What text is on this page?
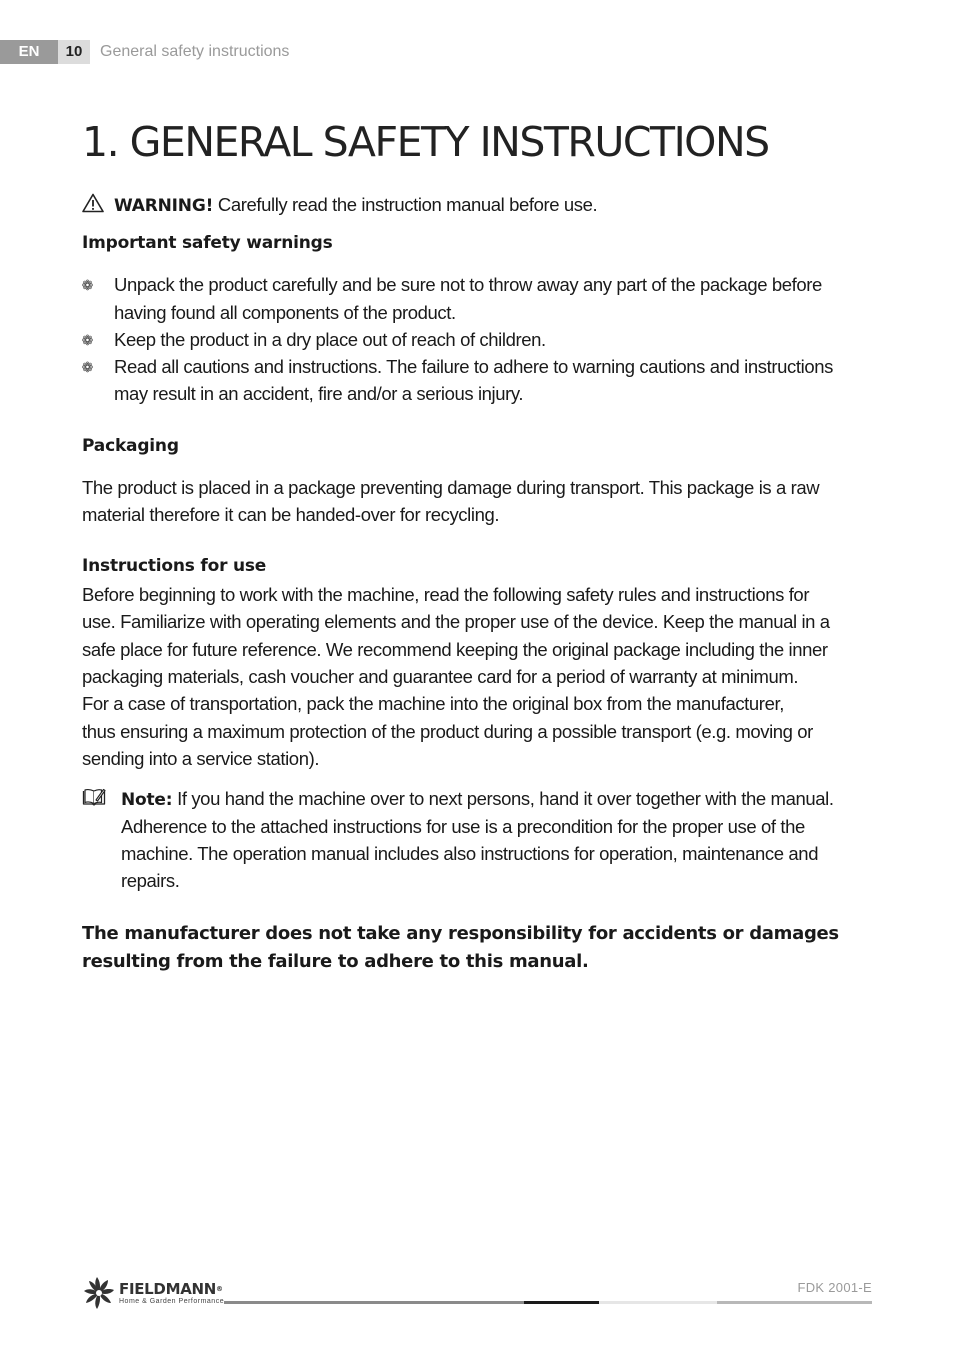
EN	10	General safety instructions
1. GENERAL SAFETY INSTRUCTIONS
WARNING! Carefully read the instruction manual before use.
Important safety warnings
❁ Unpack the product carefully and be sure not to throw away any part of the package before
having found all components of the product.
❁ Keep the product in a dry place out of reach of children.
❁ Read all cautions and instructions. The failure to adhere to warning cautions and instructions
may result in an accident, fire and/or a serious injury.
Packaging
The product is placed in a package preventing damage during transport. This package is a raw
material therefore it can be handed-over for recycling.
Instructions for use
Before beginning to work with the machine, read the following safety rules and instructions for
use. Familiarize with operating elements and the proper use of the device. Keep the manual in a
safe place for future reference. We recommend keeping the original package including the inner
packaging materials, cash voucher and guarantee card for a period of warranty at minimum.
For a case of transportation, pack the machine into the original box from the manufacturer,
thus ensuring a maximum protection of the product during a possible transport (e.g. moving or
sending into a service station).
Note: If you hand the machine over to next persons, hand it over together with the manual.
Adherence to the attached instructions for use is a precondition for the proper use of the
machine. The operation manual includes also instructions for operation, maintenance and
repairs.
The manufacturer does not take any responsibility for accidents or damages
resulting from the failure to adhere to this manual.
FIELDMANN®
Home & Garden Performance
FDK 2001-E
